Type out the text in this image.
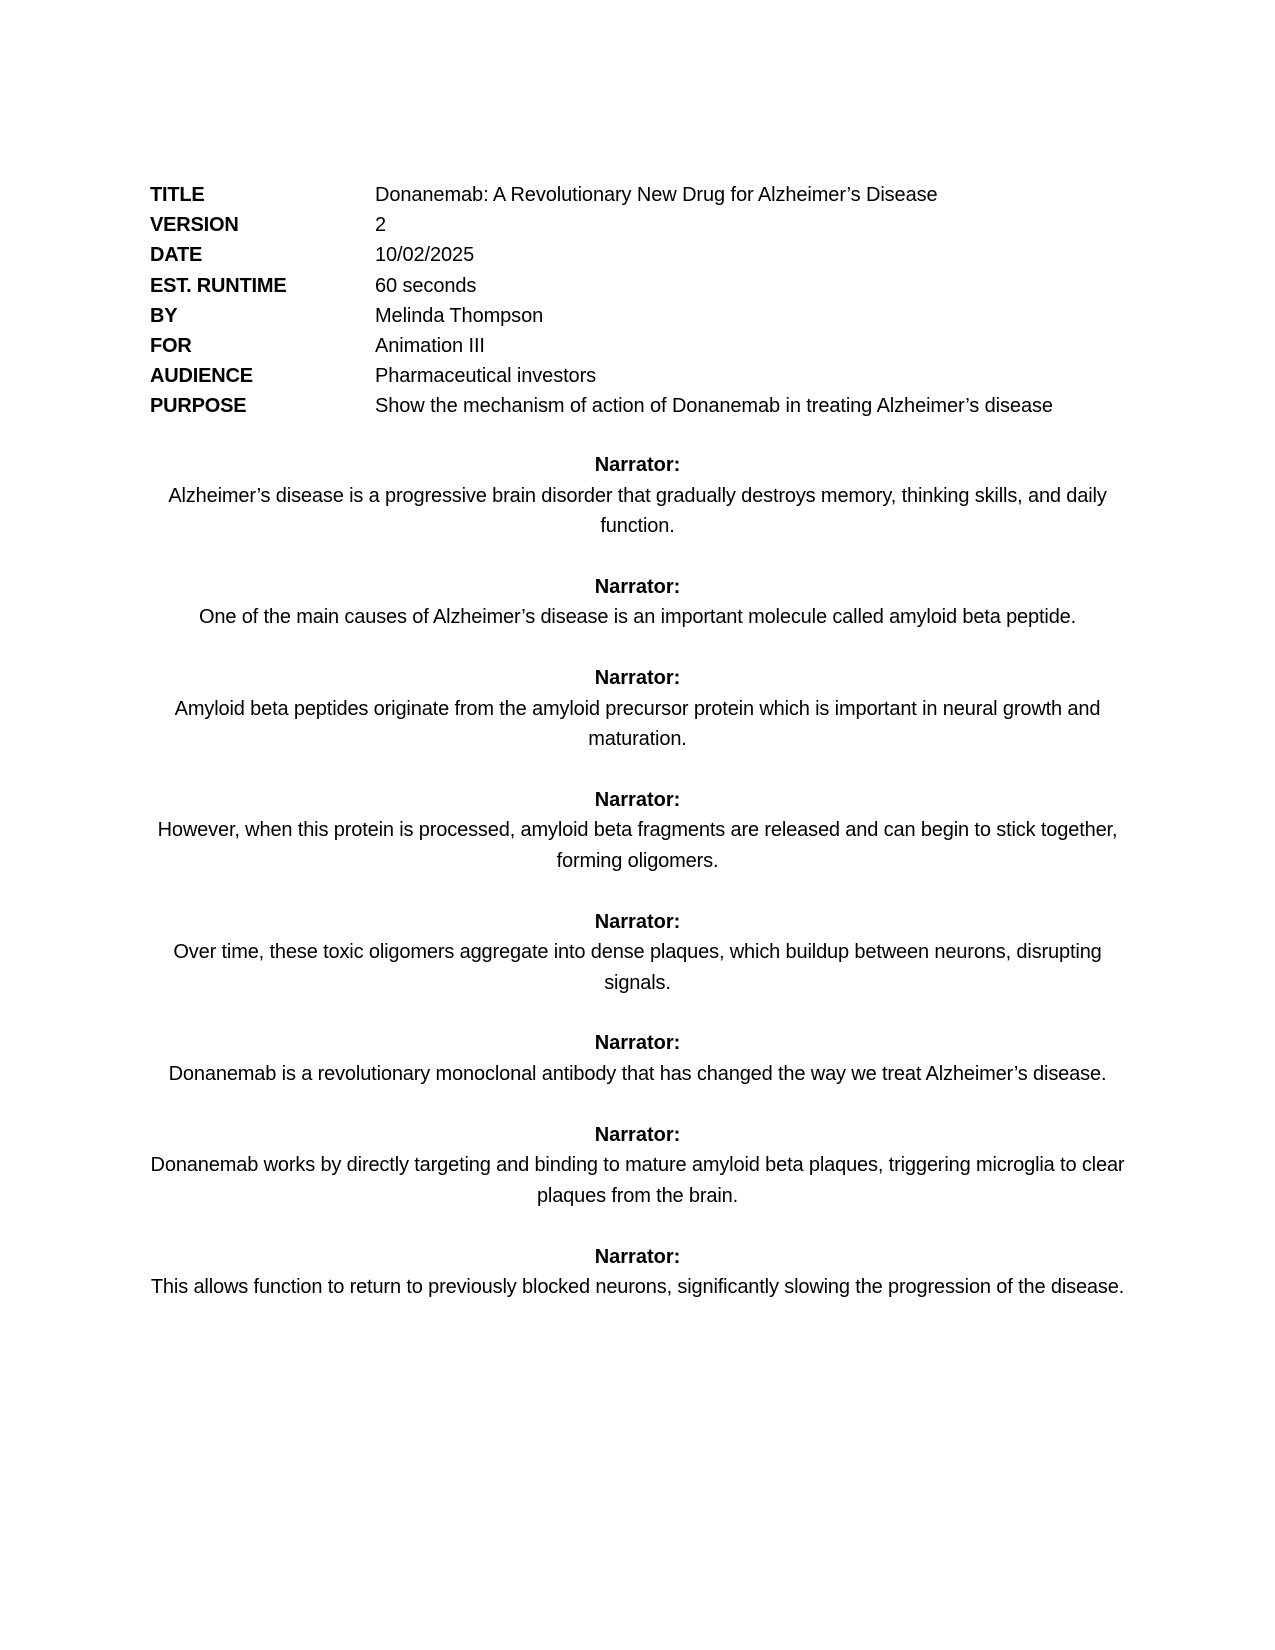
TITLE	Donanemab: A Revolutionary New Drug for Alzheimer’s Disease
VERSION	2
DATE	10/02/2025
EST. RUNTIME	60 seconds
BY	Melinda Thompson
FOR	Animation III
AUDIENCE	Pharmaceutical investors
PURPOSE	Show the mechanism of action of Donanemab in treating Alzheimer’s disease
Narrator:
Alzheimer’s disease is a progressive brain disorder that gradually destroys memory, thinking skills, and daily function.
Narrator:
One of the main causes of Alzheimer’s disease is an important molecule called amyloid beta peptide.
Narrator:
Amyloid beta peptides originate from the amyloid precursor protein which is important in neural growth and maturation.
Narrator:
However, when this protein is processed, amyloid beta fragments are released and can begin to stick together, forming oligomers.
Narrator:
Over time, these toxic oligomers aggregate into dense plaques, which buildup between neurons, disrupting signals.
Narrator:
Donanemab is a revolutionary monoclonal antibody that has changed the way we treat Alzheimer’s disease.
Narrator:
Donanemab works by directly targeting and binding to mature amyloid beta plaques, triggering microglia to clear plaques from the brain.
Narrator:
This allows function to return to previously blocked neurons, significantly slowing the progression of the disease.
